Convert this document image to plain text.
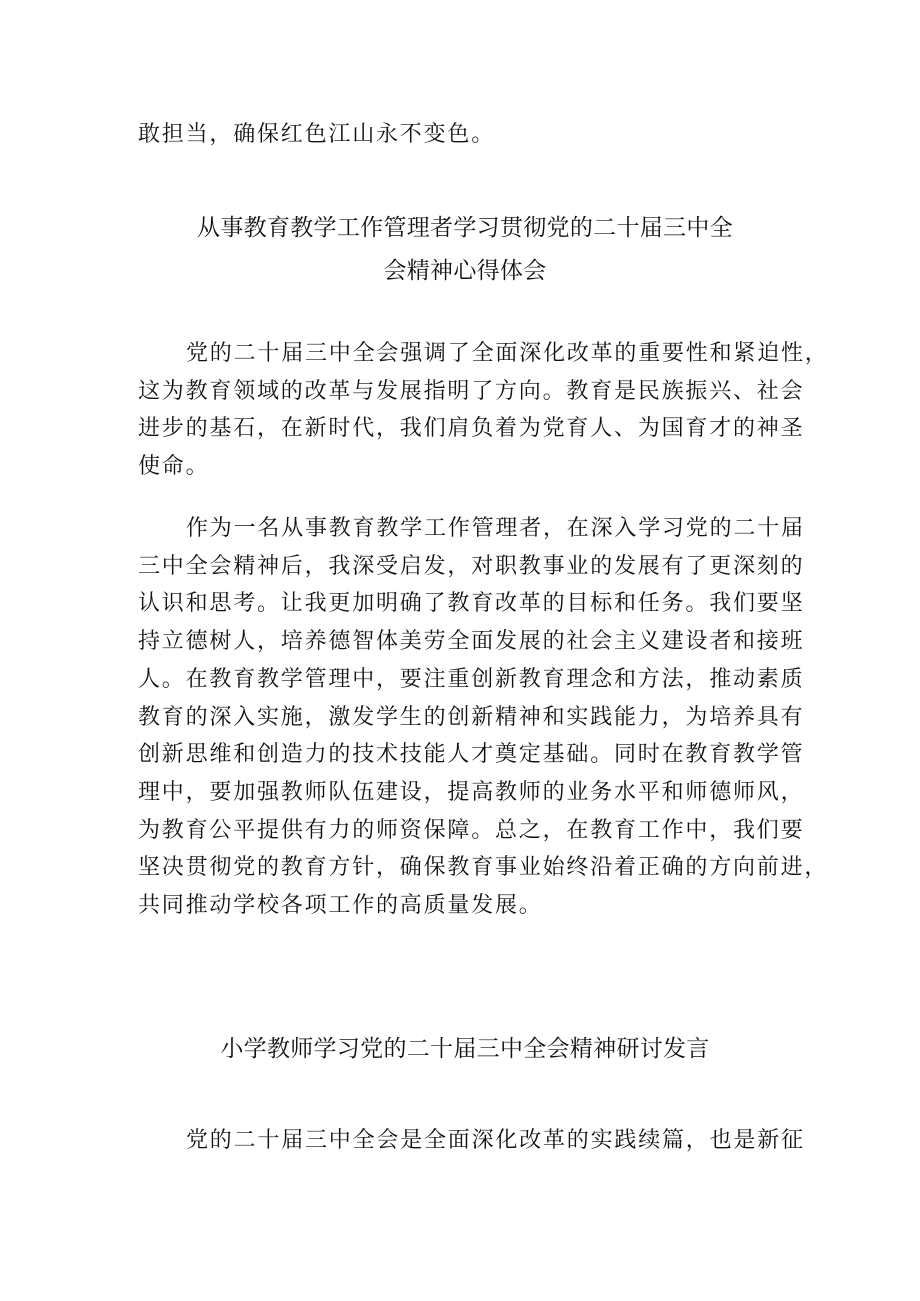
敢担当，确保红色江山永不变色。

从事教育教学工作管理者学习贯彻党的二十届三中全
会精神心得体会
党的二十届三中全会强调了全面深化改革的重要性和紧迫性，
这为教育领域的改革与发展指明了方向。教育是民族振兴、社会
进步的基石，在新时代，我们肩负着为党育人、为国育才的神圣
使命。
作为一名从事教育教学工作管理者，在深入学习党的二十届
三中全会精神后，我深受启发，对职教事业的发展有了更深刻的
认识和思考。让我更加明确了教育改革的目标和任务。我们要坚
持立德树人，培养德智体美劳全面发展的社会主义建设者和接班
人。在教育教学管理中，要注重创新教育理念和方法，推动素质
教育的深入实施，激发学生的创新精神和实践能力，为培养具有
创新思维和创造力的技术技能人才奠定基础。同时在教育教学管
理中，要加强教师队伍建设，提高教师的业务水平和师德师风，
为教育公平提供有力的师资保障。总之，在教育工作中，我们要
坚决贯彻党的教育方针，确保教育事业始终沿着正确的方向前进，
共同推动学校各项工作的高质量发展。
小学教师学习党的二十届三中全会精神研讨发言

党的二十届三中全会是全面深化改革的实践续篇，也是新征
